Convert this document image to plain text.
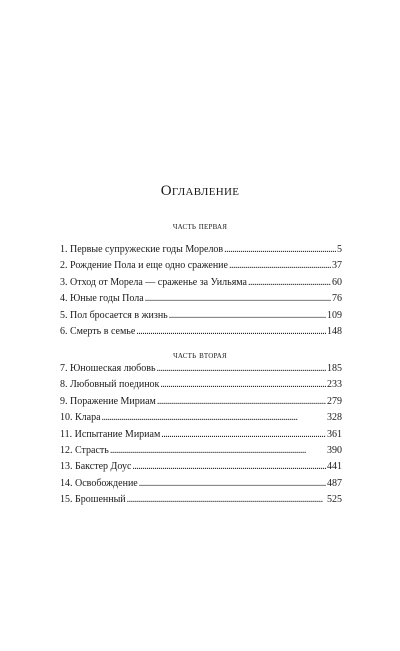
Оглавление
часть первая
1. Первые супружеские годы Морелов . . .	5
2. Рождение Пола и еще одно сражение . . .	37
3. Отход от Морела — сраженье за Уильяма . . .	60
4. Юные годы Пола . . .	76
5. Пол бросается в жизнь . . .	109
6. Смерть в семье . . .	148
часть вторая
7. Юношеская любовь . . .	185
8. Любовный поединок . . .	233
9. Поражение Мириам . . .	279
10. Клара . . .	328
11. Испытание Мириам . . .	361
12. Страсть . . .	390
13. Бакстер Доус . . .	441
14. Освобождение . . .	487
15. Брошенный . . .	525
